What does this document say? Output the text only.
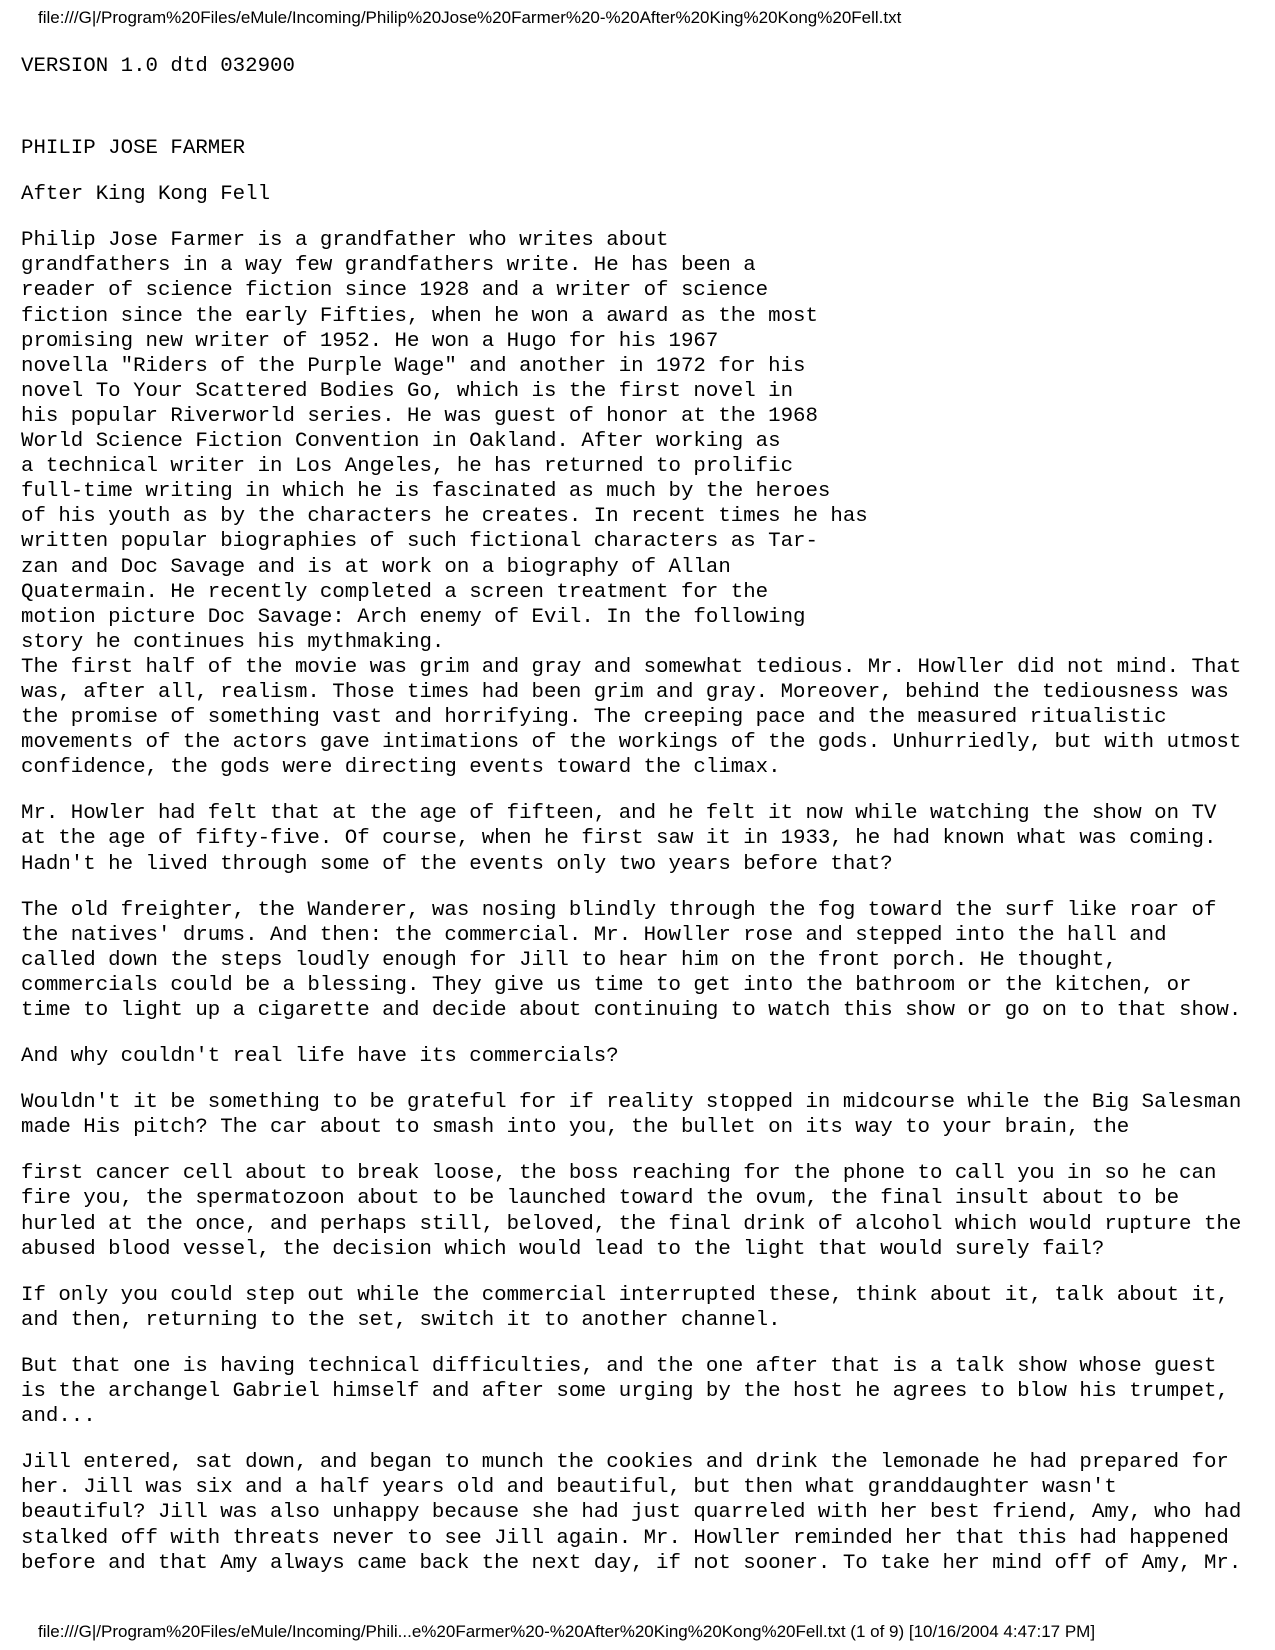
file:///G|/Program%20Files/eMule/Incoming/Philip%20Jose%20Farmer%20-%20After%20King%20Kong%20Fell.txt
VERSION 1.0 dtd 032900
PHILIP JOSE FARMER
After King Kong Fell
Philip Jose Farmer is a grandfather who writes about
grandfathers in a way few grandfathers write. He has been a
reader of science fiction since 1928 and a writer of science
fiction since the early Fifties, when he won a award as the most
promising new writer of 1952. He won a Hugo for his 1967
novella "Riders of the Purple Wage" and another in 1972 for his
novel To Your Scattered Bodies Go, which is the first novel in
his popular Riverworld series. He was guest of honor at the 1968
World Science Fiction Convention in Oakland. After working as
a technical writer in Los Angeles, he has returned to prolific
full-time writing in which he is fascinated as much by the heroes
of his youth as by the characters he creates. In recent times he has
written popular biographies of such fictional characters as Tar-
zan and Doc Savage and is at work on a biography of Allan
Quatermain. He recently completed a screen treatment for the
motion picture Doc Savage: Arch enemy of Evil. In the following
story he continues his mythmaking.
The first half of the movie was grim and gray and somewhat tedious. Mr. Howller did not mind. That
was, after all, realism. Those times had been grim and gray. Moreover, behind the tediousness was
the promise of something vast and horrifying. The creeping pace and the measured ritualistic
movements of the actors gave intimations of the workings of the gods. Unhurriedly, but with utmost
confidence, the gods were directing events toward the climax.
Mr. Howler had felt that at the age of fifteen, and he felt it now while watching the show on TV
at the age of fifty-five. Of course, when he first saw it in 1933, he had known what was coming.
Hadn't he lived through some of the events only two years before that?
The old freighter, the Wanderer, was nosing blindly through the fog toward the surf like roar of
the natives' drums. And then: the commercial. Mr. Howller rose and stepped into the hall and
called down the steps loudly enough for Jill to hear him on the front porch. He thought,
commercials could be a blessing. They give us time to get into the bathroom or the kitchen, or
time to light up a cigarette and decide about continuing to watch this show or go on to that show.
And why couldn't real life have its commercials?
Wouldn't it be something to be grateful for if reality stopped in midcourse while the Big Salesman
made His pitch? The car about to smash into you, the bullet on its way to your brain, the
first cancer cell about to break loose, the boss reaching for the phone to call you in so he can
fire you, the spermatozoon about to be launched toward the ovum, the final insult about to be
hurled at the once, and perhaps still, beloved, the final drink of alcohol which would rupture the
abused blood vessel, the decision which would lead to the light that would surely fail?
If only you could step out while the commercial interrupted these, think about it, talk about it,
and then, returning to the set, switch it to another channel.
But that one is having technical difficulties, and the one after that is a talk show whose guest
is the archangel Gabriel himself and after some urging by the host he agrees to blow his trumpet,
and...
Jill entered, sat down, and began to munch the cookies and drink the lemonade he had prepared for
her. Jill was six and a half years old and beautiful, but then what granddaughter wasn't
beautiful? Jill was also unhappy because she had just quarreled with her best friend, Amy, who had
stalked off with threats never to see Jill again. Mr. Howller reminded her that this had happened
before and that Amy always came back the next day, if not sooner. To take her mind off of Amy, Mr.
file:///G|/Program%20Files/eMule/Incoming/Phili...e%20Farmer%20-%20After%20King%20Kong%20Fell.txt (1 of 9) [10/16/2004 4:47:17 PM]
